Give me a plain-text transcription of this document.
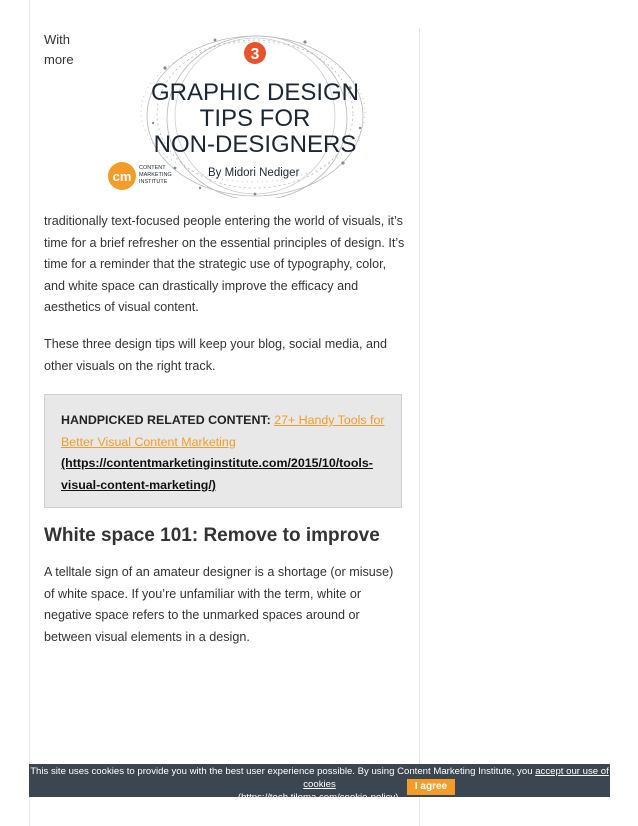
With
more	3
GRAPHIC DESIGN
TIPS FOR
NON-DESIGNERS
By Midori Nediger
cm
CONTENT
MARKETING
INSTITUTE

traditionally text-focused people entering the world of visuals, it’s time for a brief refresher on the essential principles of design. It’s time for a reminder that the strategic use of typography, color, and white space can drastically improve the efficacy and aesthetics of visual content.

These three design tips will keep your blog, social media, and other visuals on the right track.

HANDPICKED RELATED CONTENT: 27+ Handy Tools for Better Visual Content Marketing
(https://contentmarketinginstitute.com/2015/10/tools-visual-content-marketing/)
White space 101: Remove to improve

A telltale sign of an amateur designer is a shortage (or misuse) of white space. If you’re unfamiliar with the term, white or negative space refers to the unmarked spaces around or between visual elements in a design.

This site uses cookies to provide you with the best user experience possible. By using Content Marketing Institute, you accept our use of cookies
(https://tech.tiloma.com/cookie-policy).
I agree
